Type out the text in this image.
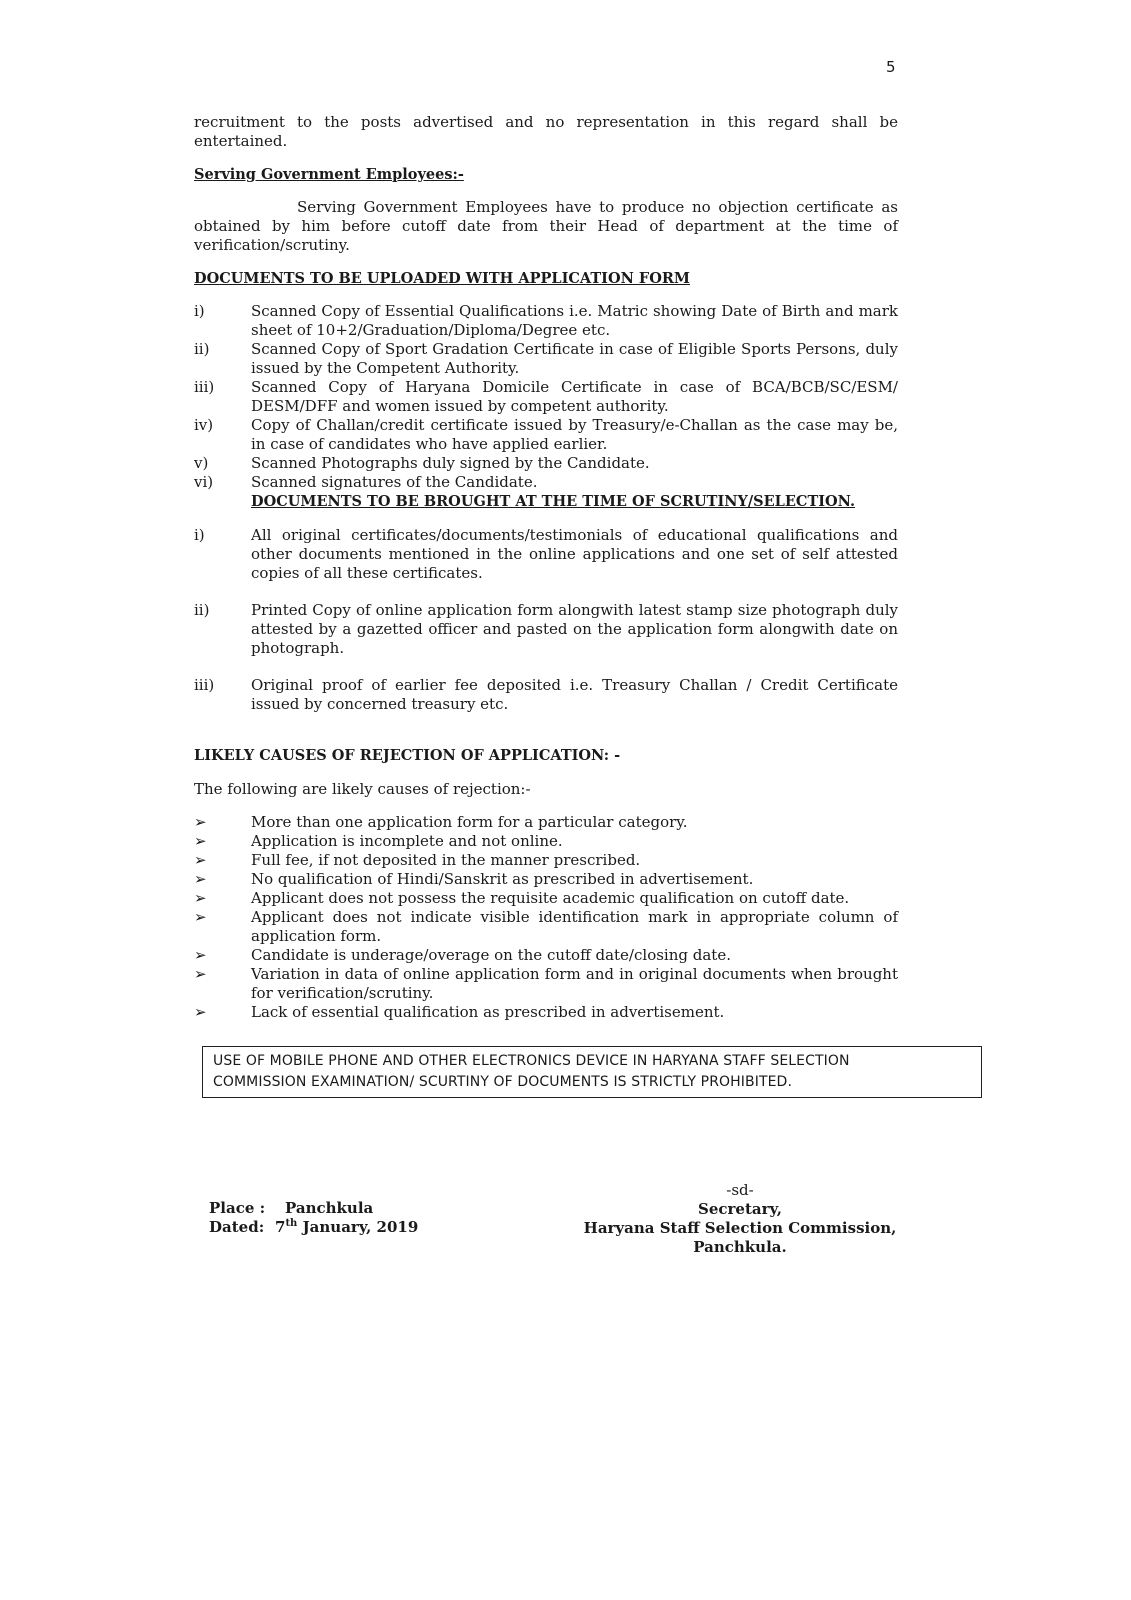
5

recruitment to the posts advertised and no representation in this regard shall be entertained.

Serving Government Employees:-

Serving Government Employees have to produce no objection certificate as obtained by him before cutoff date from their Head of department at the time of verification/scrutiny.

DOCUMENTS TO BE UPLOADED WITH APPLICATION FORM

i)	Scanned Copy of Essential Qualifications i.e. Matric showing Date of Birth and mark sheet of 10+2/Graduation/Diploma/Degree etc.
ii)	Scanned Copy of Sport Gradation Certificate in case of Eligible Sports Persons, duly issued by the Competent Authority.
iii)	Scanned Copy of Haryana Domicile Certificate in case of BCA/BCB/SC/ESM/ DESM/DFF and women issued by competent authority.
iv)	Copy of Challan/credit certificate issued by Treasury/e-Challan as the case may be, in case of candidates who have applied earlier.
v)	Scanned Photographs duly signed by the Candidate.
vi)	Scanned signatures of the Candidate.

DOCUMENTS TO BE BROUGHT AT THE TIME OF SCRUTINY/SELECTION.

i)	All original certificates/documents/testimonials of educational qualifications and other documents mentioned in the online applications and one set of self attested copies of all these certificates.
ii)	Printed Copy of online application form alongwith latest stamp size photograph duly attested by a gazetted officer and pasted on the application form alongwith date on photograph.
iii)	Original proof of earlier fee deposited i.e. Treasury Challan / Credit Certificate issued by concerned treasury etc.

LIKELY CAUSES OF REJECTION OF APPLICATION: -

The following are likely causes of rejection:-

➢	More than one application form for a particular category.
➢	Application is incomplete and not online.
➢	Full fee, if not deposited in the manner prescribed.
➢	No qualification of Hindi/Sanskrit as prescribed in advertisement.
➢	Applicant does not possess the requisite academic qualification on cutoff date.
➢	Applicant does not indicate visible identification mark in appropriate column of application form.
➢	Candidate is underage/overage on the cutoff date/closing date.
➢	Variation in data of online application form and in original documents when brought for verification/scrutiny.
➢	Lack of essential qualification as prescribed in advertisement.
USE OF MOBILE PHONE AND OTHER ELECTRONICS DEVICE IN HARYANA STAFF SELECTION
COMMISSION EXAMINATION/ SCURTINY OF DOCUMENTS IS STRICTLY PROHIBITED.
Place :	Panchkula
Dated: 7th January, 2019
-sd-
Secretary,
Haryana Staff Selection Commission,
Panchkula.
